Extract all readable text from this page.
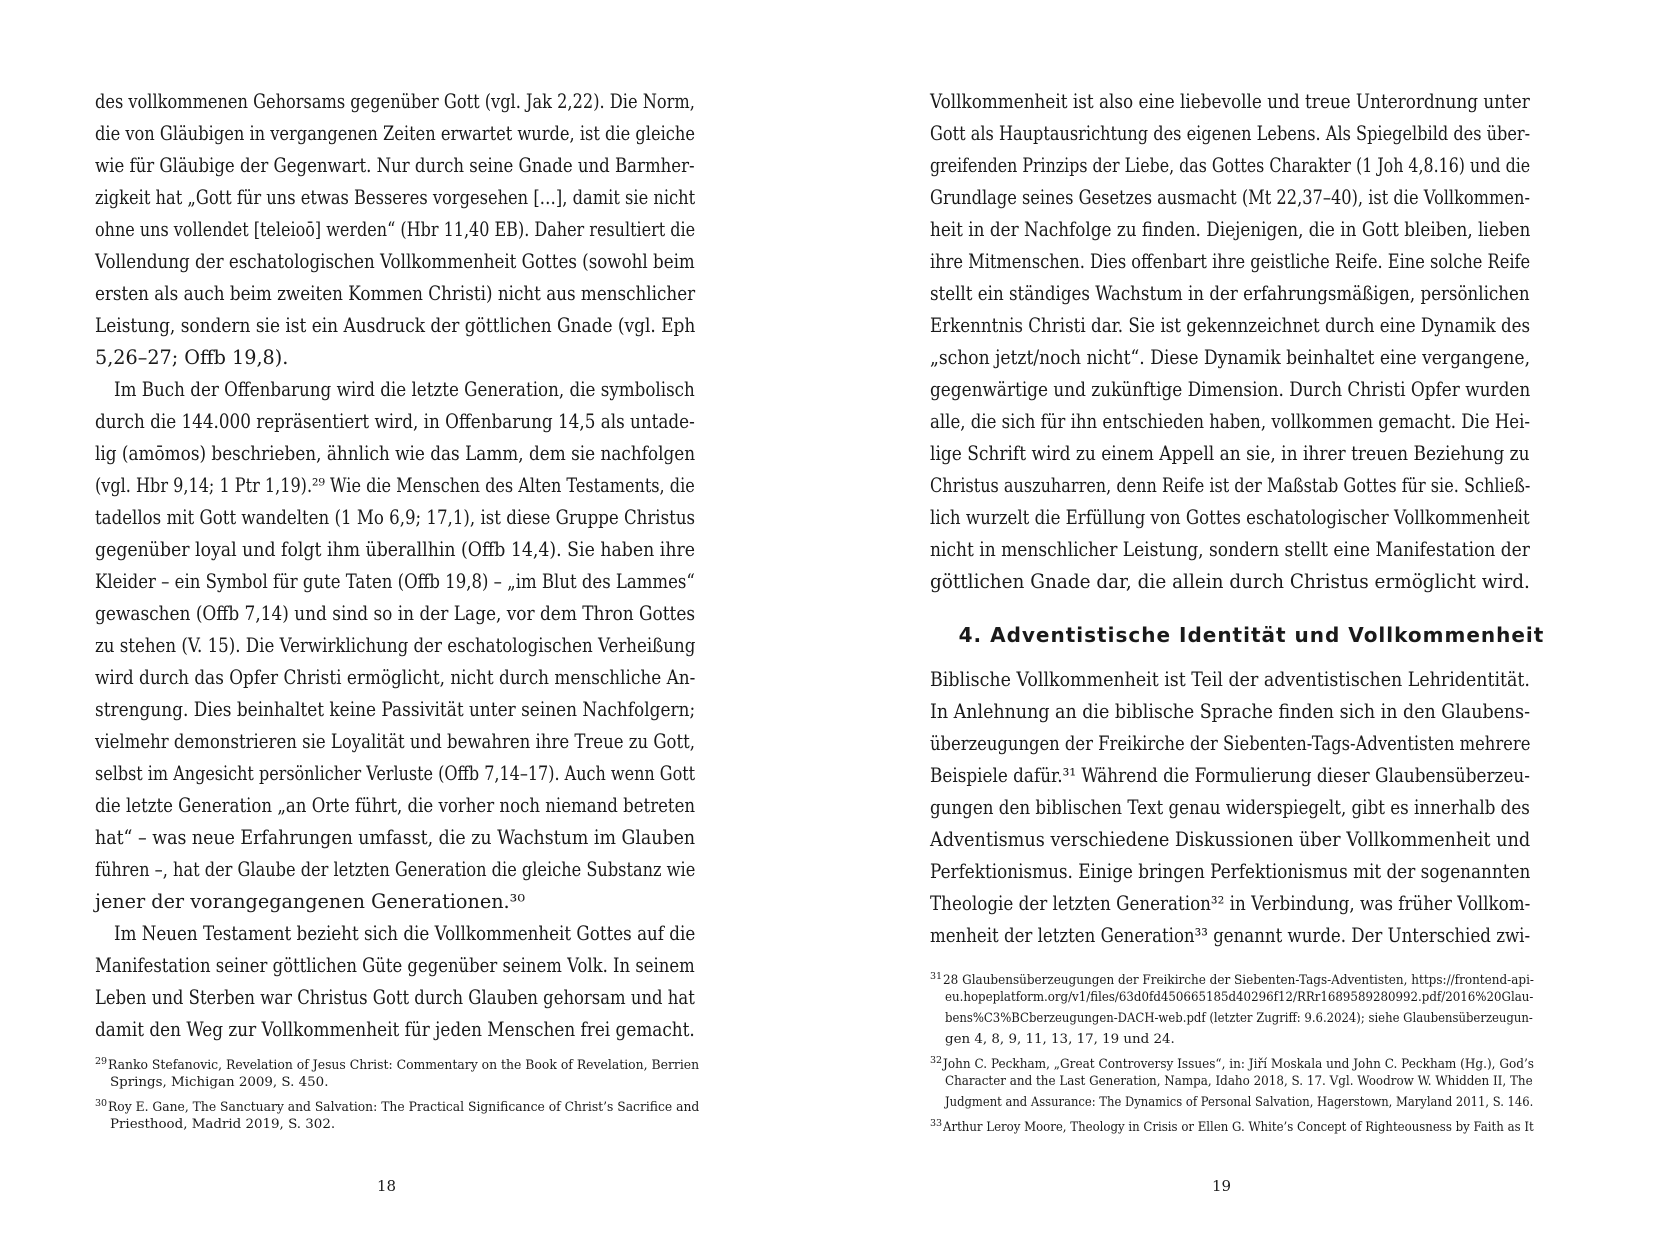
des vollkommenen Gehorsams gegenüber Gott (vgl. Jak 2,22). Die Norm,
die von Gläubigen in vergangenen Zeiten erwartet wurde, ist die gleiche
wie für Gläubige der Gegenwart. Nur durch seine Gnade und Barmher-
zigkeit hat „Gott für uns etwas Besseres vorgesehen […], damit sie nicht
ohne uns vollendet [teleioō] werden“ (Hbr 11,40 EB). Daher resultiert die
Vollendung der eschatologischen Vollkommenheit Gottes (sowohl beim
ersten als auch beim zweiten Kommen Christi) nicht aus menschlicher
Leistung, sondern sie ist ein Ausdruck der göttlichen Gnade (vgl. Eph
5,26–27; Offb 19,8).
Im Buch der Offenbarung wird die letzte Generation, die symbolisch
durch die 144.000 repräsentiert wird, in Offenbarung 14,5 als untade-
lig (amōmos) beschrieben, ähnlich wie das Lamm, dem sie nachfolgen
(vgl. Hbr 9,14; 1 Ptr 1,19).²⁹ Wie die Menschen des Alten Testaments, die
tadellos mit Gott wandelten (1 Mo 6,9; 17,1), ist diese Gruppe Christus
gegenüber loyal und folgt ihm überallhin (Offb 14,4). Sie haben ihre
Kleider – ein Symbol für gute Taten (Offb 19,8) – „im Blut des Lammes“
gewaschen (Offb 7,14) und sind so in der Lage, vor dem Thron Gottes
zu stehen (V. 15). Die Verwirklichung der eschatologischen Verheißung
wird durch das Opfer Christi ermöglicht, nicht durch menschliche An-
strengung. Dies beinhaltet keine Passivität unter seinen Nachfolgern;
vielmehr demonstrieren sie Loyalität und bewahren ihre Treue zu Gott,
selbst im Angesicht persönlicher Verluste (Offb 7,14–17). Auch wenn Gott
die letzte Generation „an Orte führt, die vorher noch niemand betreten
hat“ – was neue Erfahrungen umfasst, die zu Wachstum im Glauben
führen –, hat der Glaube der letzten Generation die gleiche Substanz wie
jener der vorangegangenen Generationen.³⁰
Im Neuen Testament bezieht sich die Vollkommenheit Gottes auf die
Manifestation seiner göttlichen Güte gegenüber seinem Volk. In seinem
Leben und Sterben war Christus Gott durch Glauben gehorsam und hat
damit den Weg zur Vollkommenheit für jeden Menschen frei gemacht.
$^{29}$Ranko Stefanovic, Revelation of Jesus Christ: Commentary on the Book of Revelation, Berrien
Springs, Michigan 2009, S. 450.
$^{30}$Roy E. Gane, The Sanctuary and Salvation: The Practical Significance of Christ’s Sacrifice and
Priesthood, Madrid 2019, S. 302.
18
Vollkommenheit ist also eine liebevolle und treue Unterordnung unter
Gott als Hauptausrichtung des eigenen Lebens. Als Spiegelbild des über-
greifenden Prinzips der Liebe, das Gottes Charakter (1 Joh 4,8.16) und die
Grundlage seines Gesetzes ausmacht (Mt 22,37–40), ist die Vollkommen-
heit in der Nachfolge zu finden. Diejenigen, die in Gott bleiben, lieben
ihre Mitmenschen. Dies offenbart ihre geistliche Reife. Eine solche Reife
stellt ein ständiges Wachstum in der erfahrungsmäßigen, persönlichen
Erkenntnis Christi dar. Sie ist gekennzeichnet durch eine Dynamik des
„schon jetzt/noch nicht“. Diese Dynamik beinhaltet eine vergangene,
gegenwärtige und zukünftige Dimension. Durch Christi Opfer wurden
alle, die sich für ihn entschieden haben, vollkommen gemacht. Die Hei-
lige Schrift wird zu einem Appell an sie, in ihrer treuen Beziehung zu
Christus auszuharren, denn Reife ist der Maßstab Gottes für sie. Schließ-
lich wurzelt die Erfüllung von Gottes eschatologischer Vollkommenheit
nicht in menschlicher Leistung, sondern stellt eine Manifestation der
göttlichen Gnade dar, die allein durch Christus ermöglicht wird.
4. Adventistische Identität und Vollkommenheit
Biblische Vollkommenheit ist Teil der adventistischen Lehridentität.
In Anlehnung an die biblische Sprache finden sich in den Glaubens-
überzeugungen der Freikirche der Siebenten-Tags-Adventisten mehrere
Beispiele dafür.³¹ Während die Formulierung dieser Glaubensüberzeu-
gungen den biblischen Text genau widerspiegelt, gibt es innerhalb des
Adventismus verschiedene Diskussionen über Vollkommenheit und
Perfektionismus. Einige bringen Perfektionismus mit der sogenannten
Theologie der letzten Generation³² in Verbindung, was früher Vollkom-
menheit der letzten Generation³³ genannt wurde. Der Unterschied zwi-
$^{31}$28 Glaubensüberzeugungen der Freikirche der Siebenten-Tags-Adventisten, https://frontend-api-
eu.hopeplatform.org/v1/files/63d0fd450665185d40296f12/RRr1689589280992.pdf/2016%20Glau-
bens%C3%BCberzeugungen-DACH-web.pdf (letzter Zugriff: 9.6.2024); siehe Glaubensüberzeugun-
gen 4, 8, 9, 11, 13, 17, 19 und 24.
$^{32}$John C. Peckham, „Great Controversy Issues“, in: Jiří Moskala und John C. Peckham (Hg.), God’s
Character and the Last Generation, Nampa, Idaho 2018, S. 17. Vgl. Woodrow W. Whidden II, The
Judgment and Assurance: The Dynamics of Personal Salvation, Hagerstown, Maryland 2011, S. 146.
$^{33}$Arthur Leroy Moore, Theology in Crisis or Ellen G. White’s Concept of Righteousness by Faith as It
19
